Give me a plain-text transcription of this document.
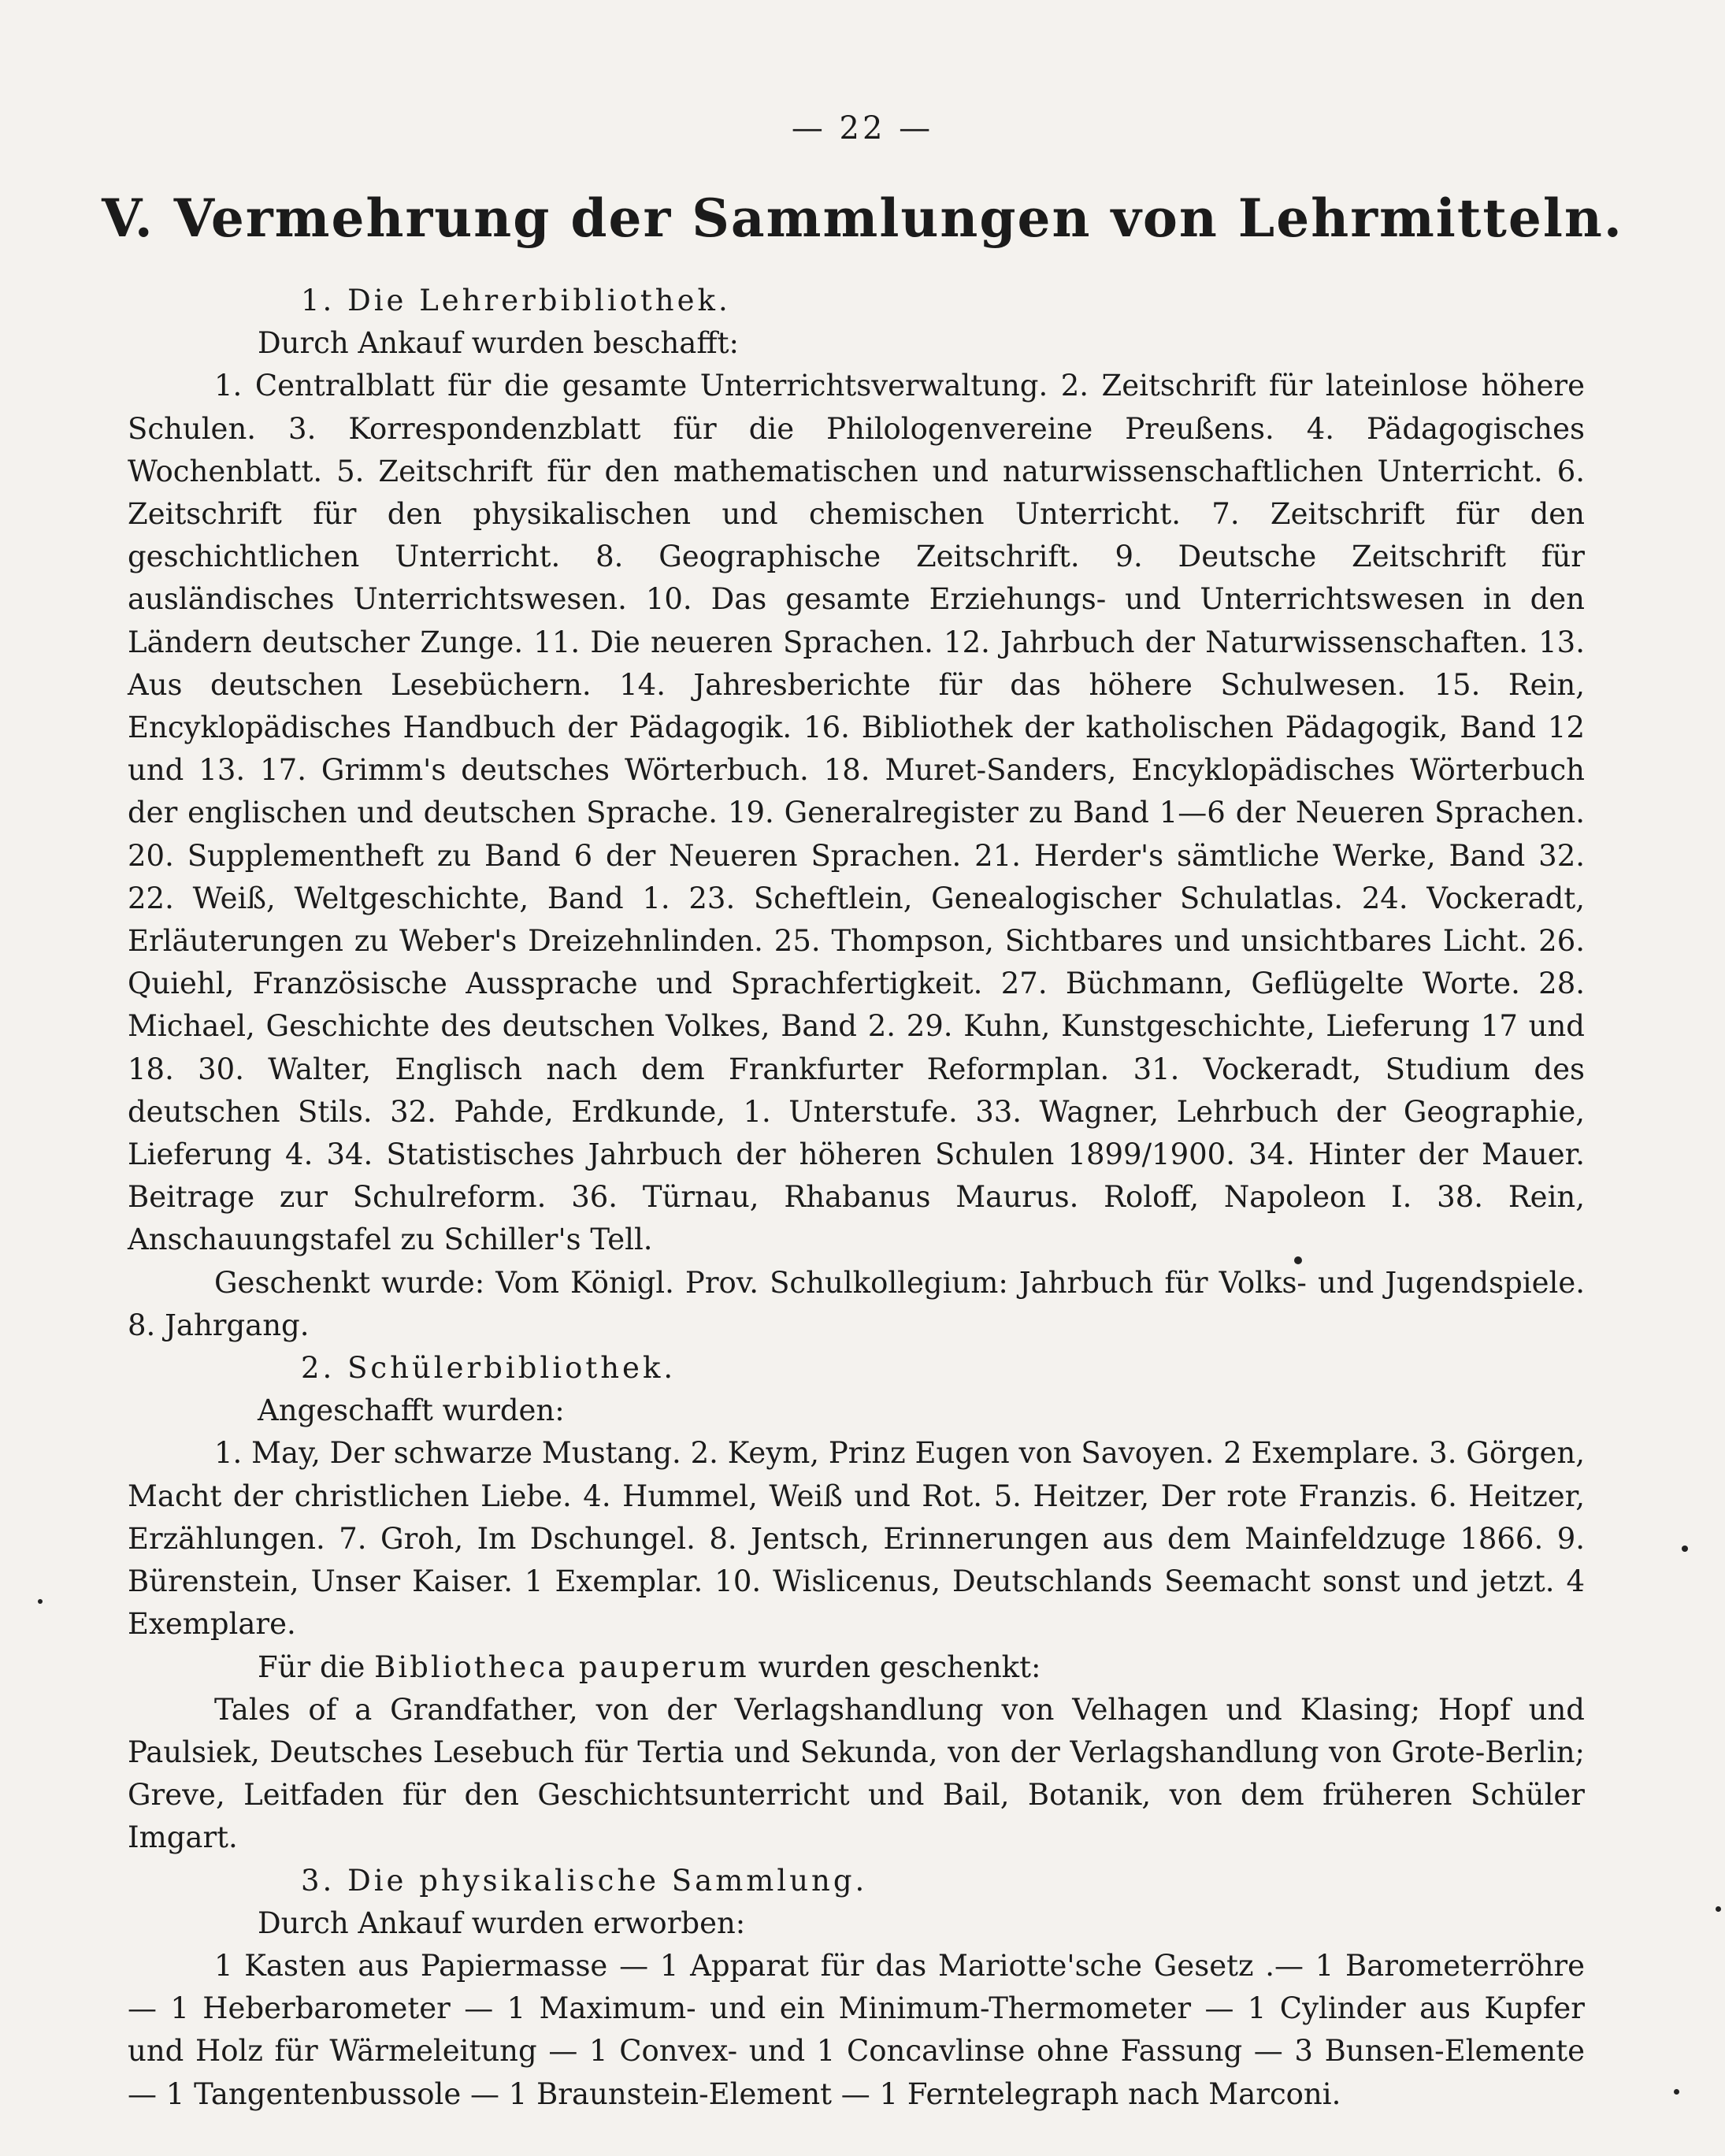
— 22 —
V. Vermehrung der Sammlungen von Lehrmitteln.

1. Die Lehrerbibliothek.

Durch Ankauf wurden beschafft:

1. Centralblatt für die gesamte Unterrichtsverwaltung. 2. Zeitschrift für lateinlose höhere Schulen. 3. Korrespondenzblatt für die Philologenvereine Preußens. 4. Pädagogisches Wochenblatt. 5. Zeitschrift für den mathematischen und naturwissenschaftlichen Unterricht. 6. Zeitschrift für den physikalischen und chemischen Unterricht. 7. Zeitschrift für den geschichtlichen Unterricht. 8. Geographische Zeitschrift. 9. Deutsche Zeitschrift für ausländisches Unterrichtswesen. 10. Das gesamte Erziehungs- und Unterrichtswesen in den Ländern deutscher Zunge. 11. Die neueren Sprachen. 12. Jahrbuch der Naturwissenschaften. 13. Aus deutschen Lesebüchern. 14. Jahresberichte für das höhere Schulwesen. 15. Rein, Encyklopädisches Handbuch der Pädagogik. 16. Bibliothek der katholischen Pädagogik, Band 12 und 13. 17. Grimm's deutsches Wörterbuch. 18. Muret-Sanders, Encyklopädisches Wörterbuch der englischen und deutschen Sprache. 19. Generalregister zu Band 1—6 der Neueren Sprachen. 20. Supplementheft zu Band 6 der Neueren Sprachen. 21. Herder's sämtliche Werke, Band 32. 22. Weiß, Weltgeschichte, Band 1. 23. Scheftlein, Genealogischer Schulatlas. 24. Vockeradt, Erläuterungen zu Weber's Dreizehnlinden. 25. Thompson, Sichtbares und unsichtbares Licht. 26. Quiehl, Französische Aussprache und Sprachfertigkeit. 27. Büchmann, Geflügelte Worte. 28. Michael, Geschichte des deutschen Volkes, Band 2. 29. Kuhn, Kunstgeschichte, Lieferung 17 und 18. 30. Walter, Englisch nach dem Frankfurter Reformplan. 31. Vockeradt, Studium des deutschen Stils. 32. Pahde, Erdkunde, 1. Unterstufe. 33. Wagner, Lehrbuch der Geographie, Lieferung 4. 34. Statistisches Jahrbuch der höheren Schulen 1899/1900. 34. Hinter der Mauer. Beitrage zur Schulreform. 36. Türnau, Rhabanus Maurus. Roloff, Napoleon I. 38. Rein, Anschauungstafel zu Schiller's Tell.

Geschenkt wurde: Vom Königl. Prov. Schulkollegium: Jahrbuch für Volks- und Jugendspiele. 8. Jahrgang.

2. Schülerbibliothek.

Angeschafft wurden:

1. May, Der schwarze Mustang. 2. Keym, Prinz Eugen von Savoyen. 2 Exemplare. 3. Görgen, Macht der christlichen Liebe. 4. Hummel, Weiß und Rot. 5. Heitzer, Der rote Franzis. 6. Heitzer, Erzählungen. 7. Groh, Im Dschungel. 8. Jentsch, Erinnerungen aus dem Mainfeldzuge 1866. 9. Bürenstein, Unser Kaiser. 1 Exemplar. 10. Wislicenus, Deutschlands Seemacht sonst und jetzt. 4 Exemplare.

Für die Bibliotheca pauperum wurden geschenkt:

Tales of a Grandfather, von der Verlagshandlung von Velhagen und Klasing; Hopf und Paulsiek, Deutsches Lesebuch für Tertia und Sekunda, von der Verlagshandlung von Grote-Berlin; Greve, Leitfaden für den Geschichtsunterricht und Bail, Botanik, von dem früheren Schüler Imgart.

3. Die physikalische Sammlung.

Durch Ankauf wurden erworben:

1 Kasten aus Papiermasse — 1 Apparat für das Mariotte'sche Gesetz .— 1 Barometerröhre — 1 Heberbarometer — 1 Maximum- und ein Minimum-Thermometer — 1 Cylinder aus Kupfer und Holz für Wärmeleitung — 1 Convex- und 1 Concavlinse ohne Fassung — 3 Bunsen-Elemente — 1 Tangentenbussole — 1 Braunstein-Element — 1 Ferntelegraph nach Marconi.
